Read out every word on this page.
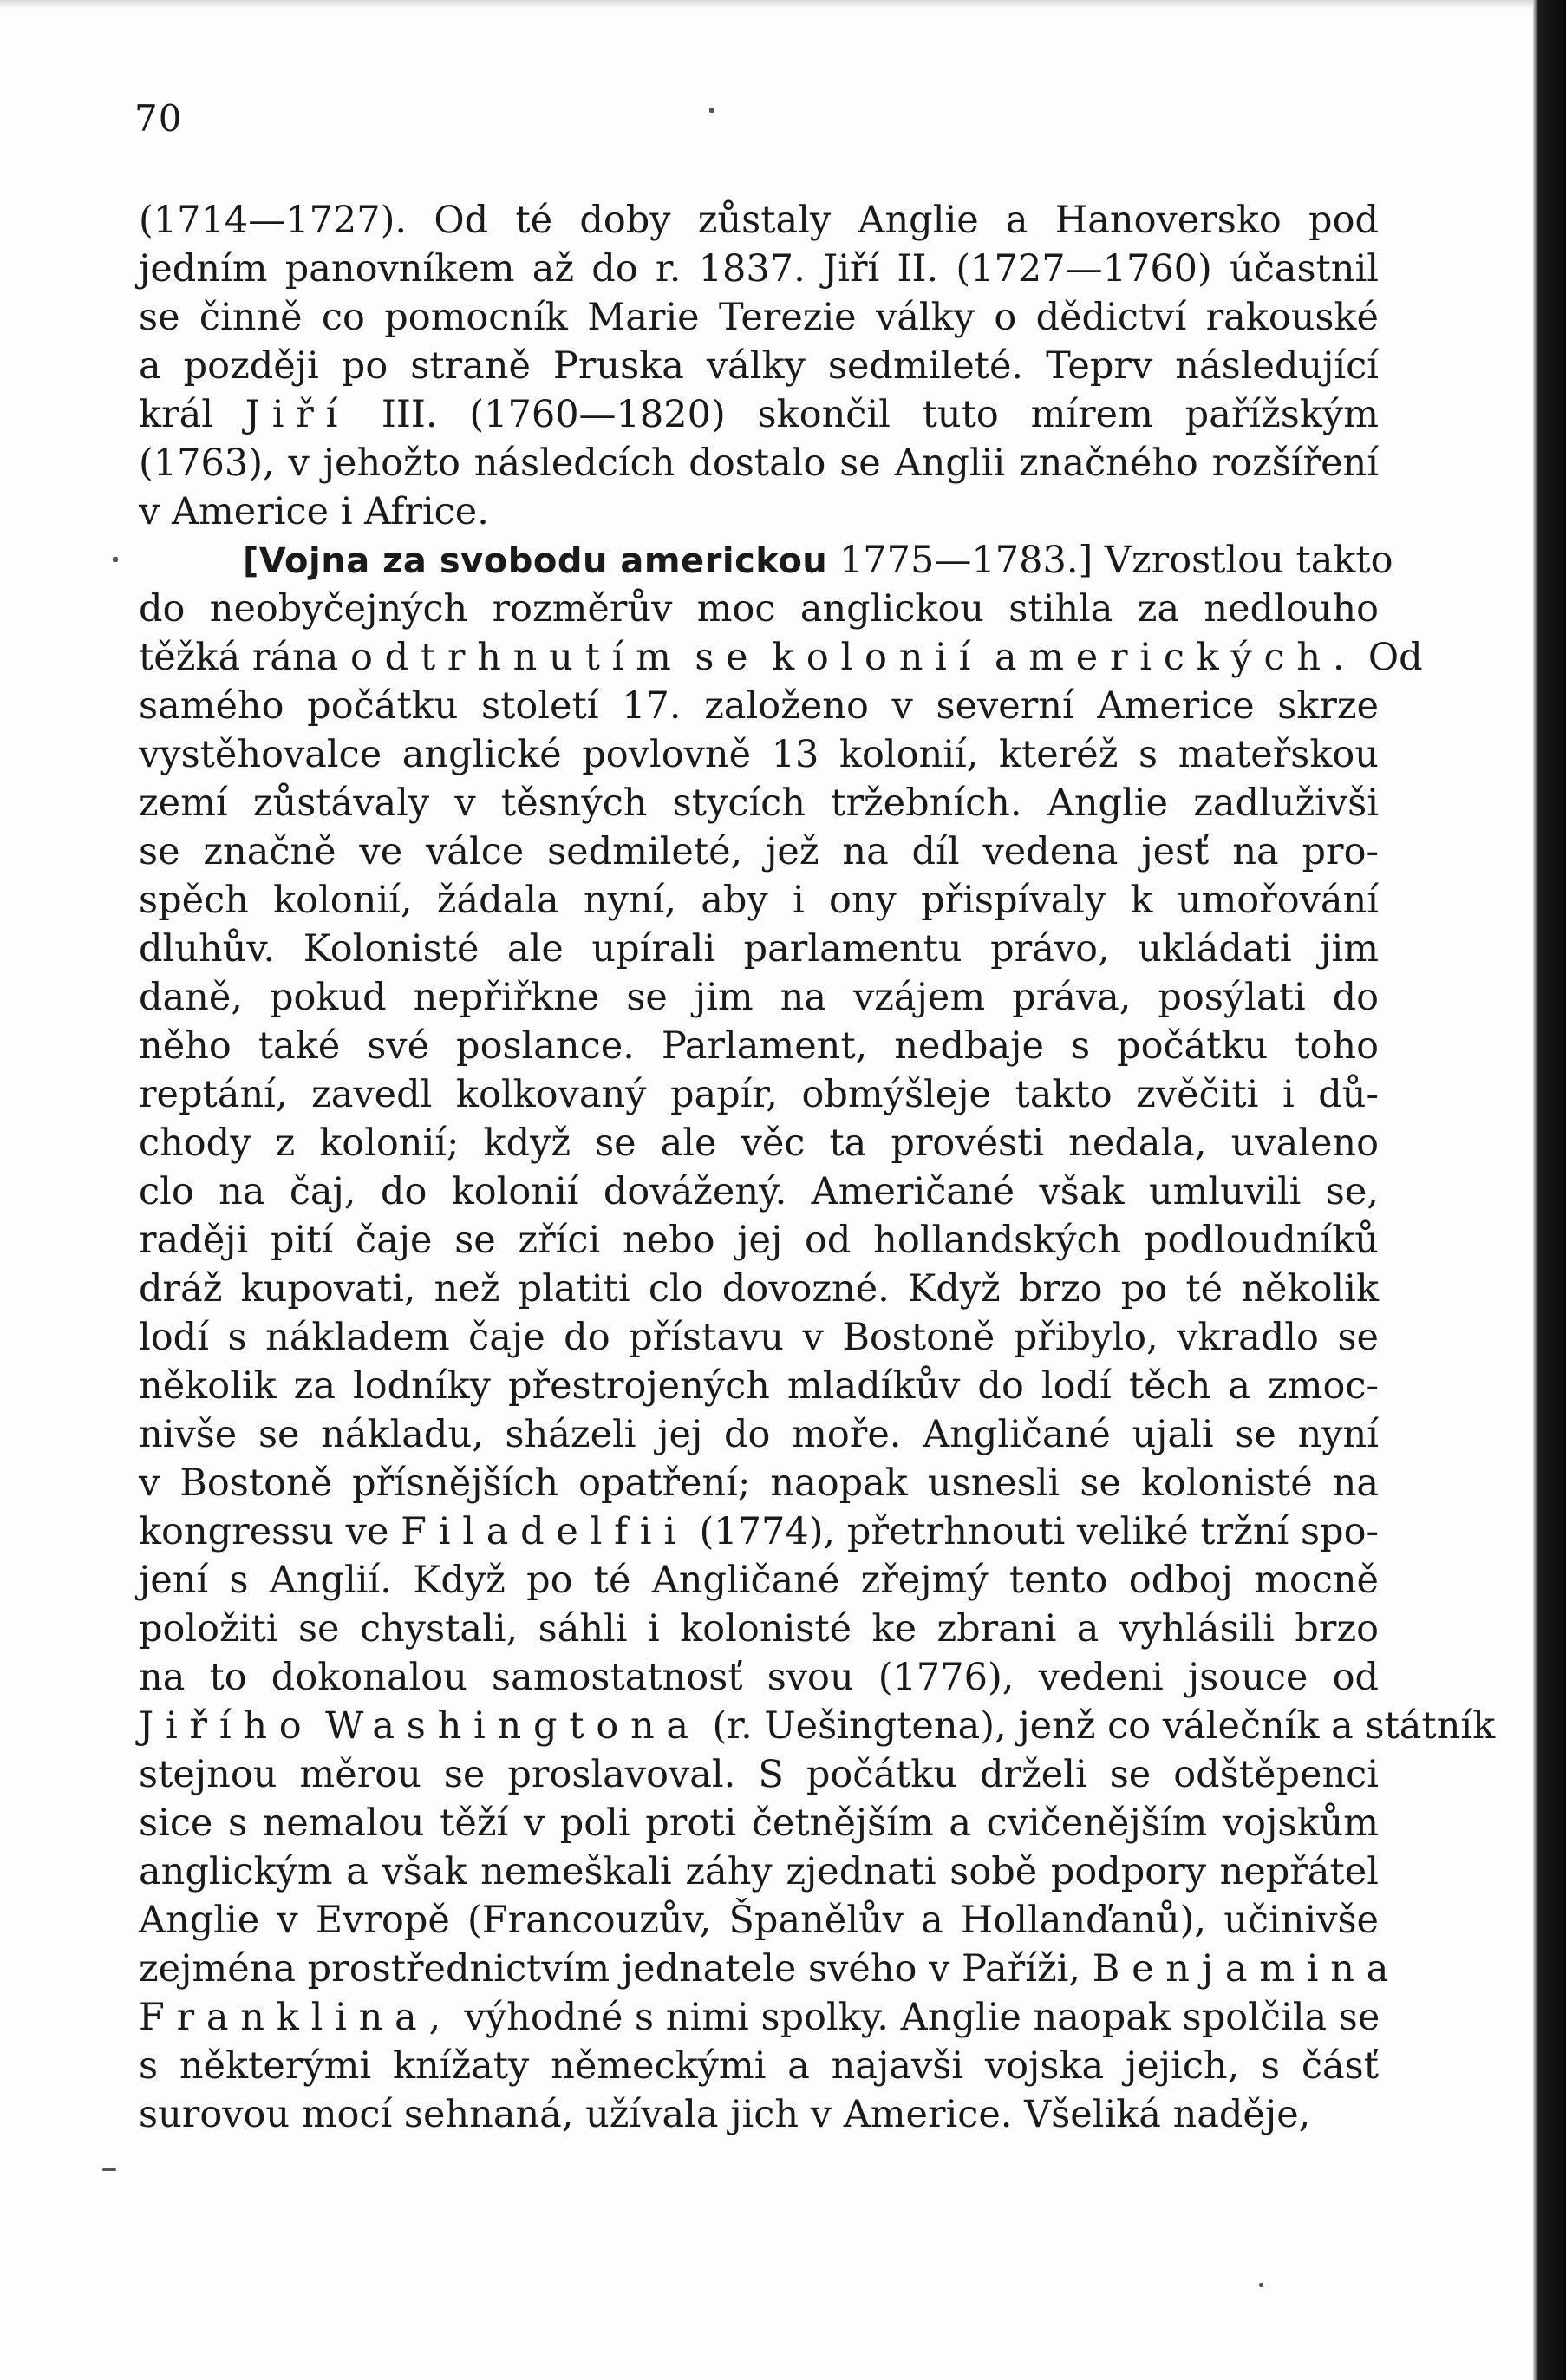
70
(1714—1727). Od té doby zůstaly Anglie a Hanoversko pod
jedním panovníkem až do r. 1837. Jiří II. (1727—1760) účastnil
se činně co pomocník Marie Terezie války o dědictví rakouské
a později po straně Pruska války sedmileté. Teprv následující
král Jiří III. (1760—1820) skončil tuto mírem pařížským
(1763), v jehožto následcích dostalo se Anglii značného rozšíření
v Americe i Africe.
[Vojna za svobodu americkou 1775—1783.] Vzrostlou takto
do neobyčejných rozměrův moc anglickou stihla za nedlouho
těžká rána odtrhnutím se kolonií amerických. Od
samého počátku století 17. založeno v severní Americe skrze
vystěhovalce anglické povlovně 13 kolonií, kteréž s mateřskou
zemí zůstávaly v těsných stycích tržebních. Anglie zadluživši
se značně ve válce sedmileté, jež na díl vedena jesť na pro-
spěch kolonií, žádala nyní, aby i ony přispívaly k umořování
dluhův. Kolonisté ale upírali parlamentu právo, ukládati jim
daně, pokud nepřiřkne se jim na vzájem práva, posýlati do
něho také své poslance. Parlament, nedbaje s počátku toho
reptání, zavedl kolkovaný papír, obmýšleje takto zvěčiti i dů-
chody z kolonií; když se ale věc ta provésti nedala, uvaleno
clo na čaj, do kolonií dovážený. Američané však umluvili se,
raději pití čaje se zříci nebo jej od hollandských podloudníků
dráž kupovati, než platiti clo dovozné. Když brzo po té několik
lodí s nákladem čaje do přístavu v Bostoně přibylo, vkradlo se
několik za lodníky přestrojených mladíkův do lodí těch a zmoc-
nivše se nákladu, sházeli jej do moře. Angličané ujali se nyní
v Bostoně přísnějších opatření; naopak usnesli se kolonisté na
kongressu ve Filadelfii (1774), přetrhnouti veliké tržní spo-
jení s Anglií. Když po té Angličané zřejmý tento odboj mocně
položiti se chystali, sáhli i kolonisté ke zbrani a vyhlásili brzo
na to dokonalou samostatnosť svou (1776), vedeni jsouce od
Jiřího Washingtona (r. Uešingtena), jenž co válečník a státník
stejnou měrou se proslavoval. S počátku drželi se odštěpenci
sice s nemalou těží v poli proti četnějším a cvičenějším vojskům
anglickým a však nemeškali záhy zjednati sobě podpory nepřátel
Anglie v Evropě (Francouzův, Španělův a Hollanďanů), učinivše
zejména prostřednictvím jednatele svého v Paříži, Benjamina
Franklina, výhodné s nimi spolky. Anglie naopak spolčila se
s některými knížaty německými a najavši vojska jejich, s čásť
surovou mocí sehnaná, užívala jich v Americe. Všeliká naděje,
